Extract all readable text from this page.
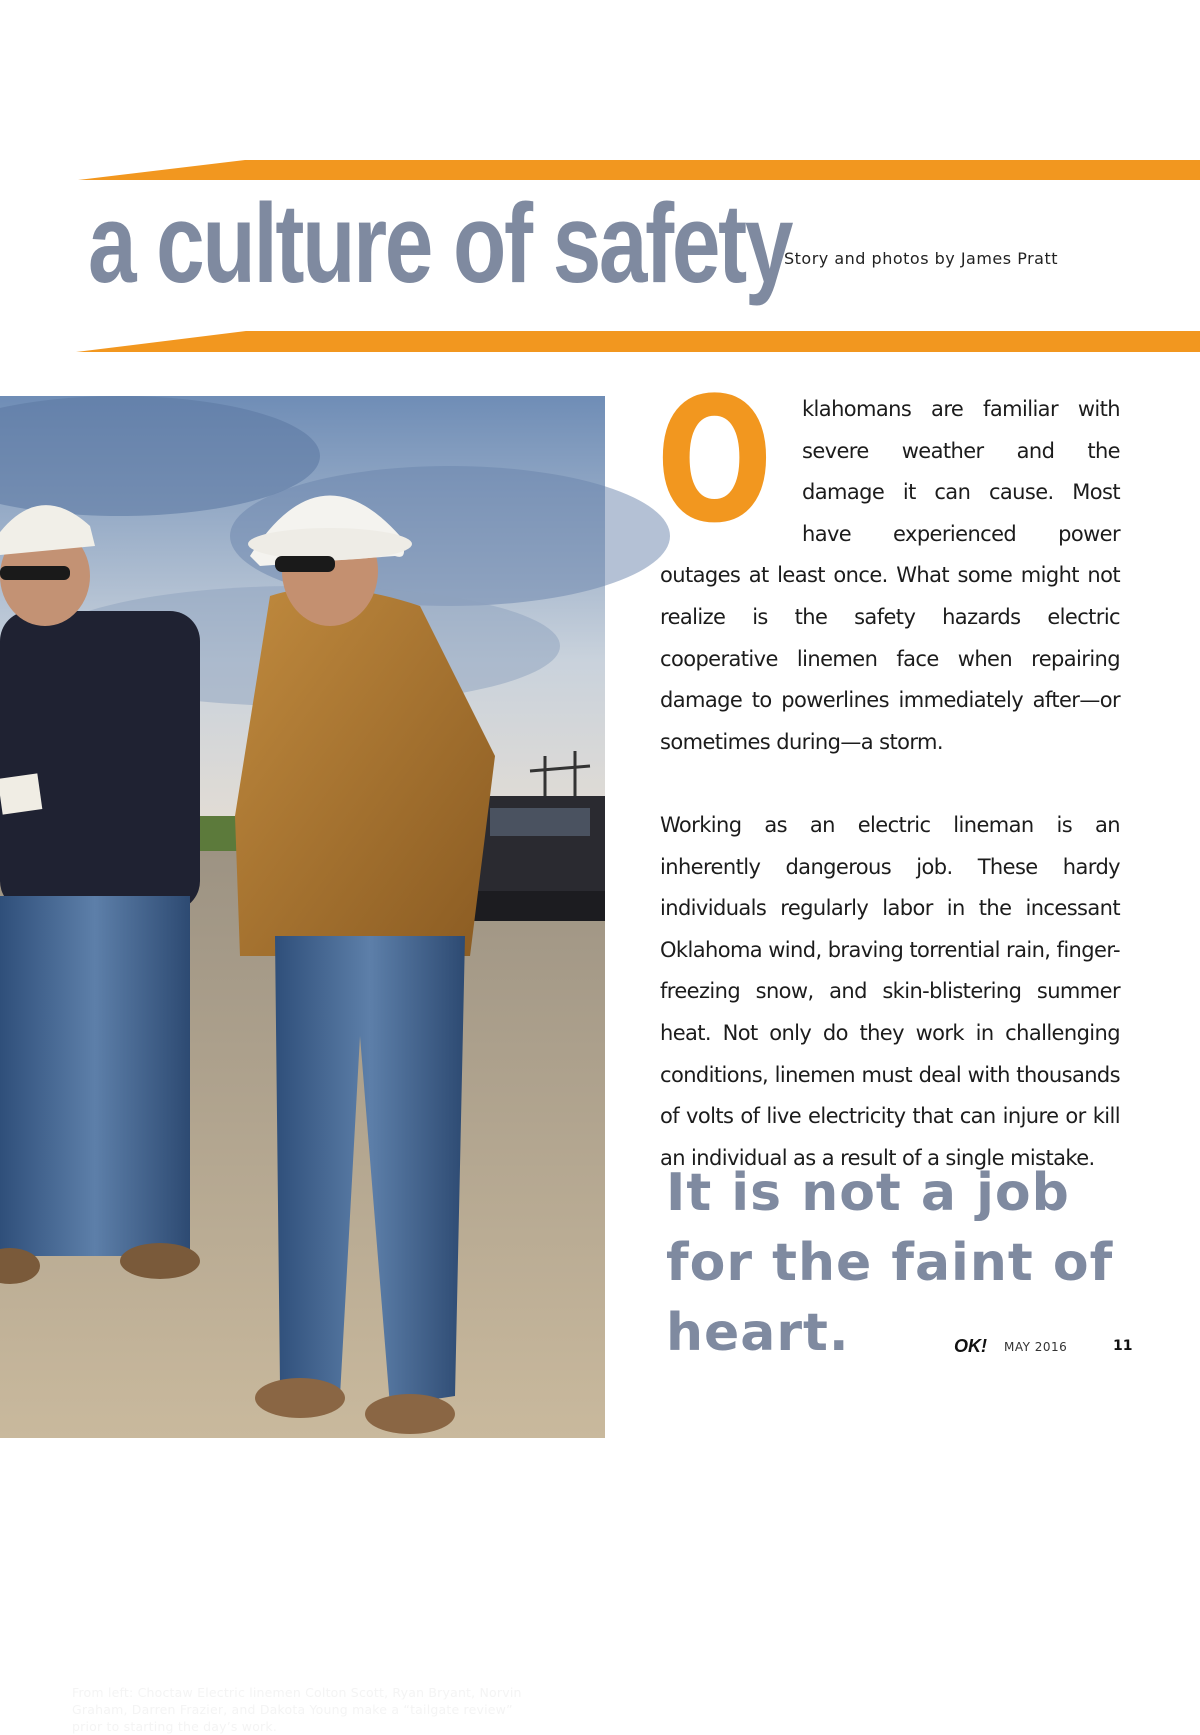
a culture of safety
Story and photos by James Pratt
From left: Choctaw Electric linemen Colton Scott, Ryan Bryant, Norvin Graham, Darren Frazier, and Dakota Young make a “tailgate review” prior to starting the day’s work.
O	klahomans are familiar with severe weather and the damage it can cause. Most have experienced power outages at least once. What some might not realize is the safety hazards electric cooperative linemen face when repairing damage to powerlines immediately after—or sometimes during—a storm.

Working as an electric lineman is an inherently dangerous job. These hardy individuals regularly labor in the incessant Oklahoma wind, braving torrential rain, finger-freezing snow, and skin-blistering summer heat. Not only do they work in challenging conditions, linemen must deal with thousands of volts of live electricity that can injure or kill an individual as a result of a single mistake.

It is not a job for the faint of heart.	OK! MAY 2016	11
